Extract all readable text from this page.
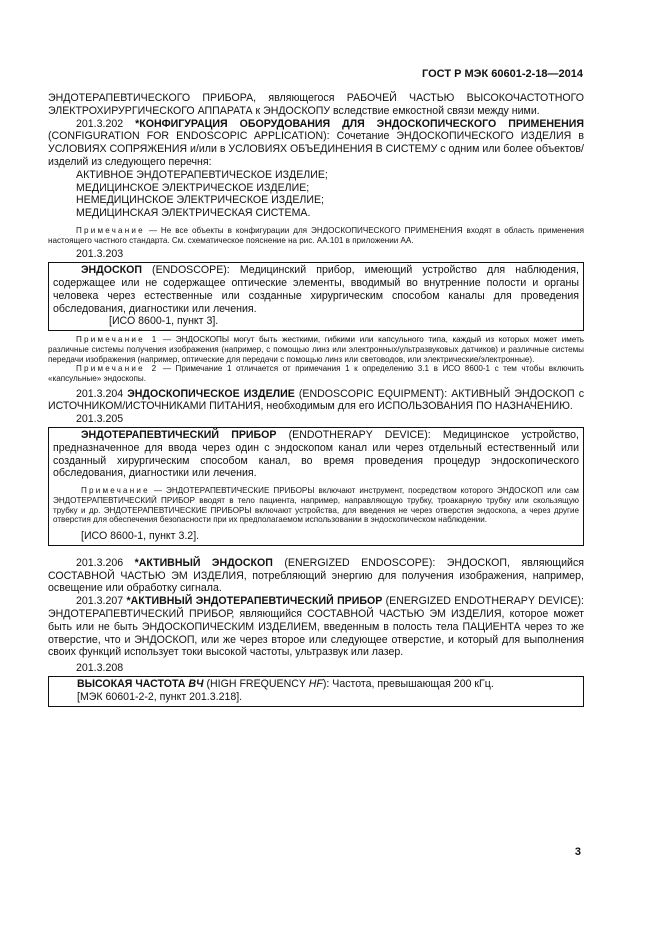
ГОСТ Р МЭК 60601-2-18—2014

ЭНДОТЕРАПЕВТИЧЕСКОГО ПРИБОРА, являющегося РАБОЧЕЙ ЧАСТЬЮ ВЫСОКОЧАСТОТНОГО ЭЛЕКТРОХИРУРГИЧЕСКОГО АППАРАТА к ЭНДОСКОПУ вследствие емкостной связи между ними.

201.3.202 *КОНФИГУРАЦИЯ ОБОРУДОВАНИЯ ДЛЯ ЭНДОСКОПИЧЕСКОГО ПРИМЕНЕНИЯ (CONFIGURATION FOR ENDOSCOPIC APPLICATION): Сочетание ЭНДОСКОПИЧЕСКОГО ИЗДЕЛИЯ в УСЛОВИЯХ СОПРЯЖЕНИЯ и/или в УСЛОВИЯХ ОБЪЕДИНЕНИЯ В СИСТЕМУ с одним или более объектов/изделий из следующего перечня:

АКТИВНОЕ ЭНДОТЕРАПЕВТИЧЕСКОЕ ИЗДЕЛИЕ;
МЕДИЦИНСКОЕ ЭЛЕКТРИЧЕСКОЕ ИЗДЕЛИЕ;
НЕМЕДИЦИНСКОЕ ЭЛЕКТРИЧЕСКОЕ ИЗДЕЛИЕ;
МЕДИЦИНСКАЯ ЭЛЕКТРИЧЕСКАЯ СИСТЕМА.

Примечание — Не все объекты в конфигурации для ЭНДОСКОПИЧЕСКОГО ПРИМЕНЕНИЯ входят в область применения настоящего частного стандарта. См. схематическое пояснение на рис. АА.101 в приложении АА.

201.3.203

ЭНДОСКОП (ENDOSCOPE): Медицинский прибор, имеющий устройство для наблюдения, содержащее или не содержащее оптические элементы, вводимый во внутренние полости и органы человека через естественные или созданные хирургическим способом каналы для проведения обследования, диагностики или лечения.

[ИСО 8600-1, пункт 3].

Примечание 1 — ЭНДОСКОПЫ могут быть жесткими, гибкими или капсульного типа, каждый из которых может иметь различные системы получения изображения (например, с помощью линз или электронных/ультразвуковых датчиков) и различные системы передачи изображения (например, оптические для передачи с помощью линз или световодов, или электрические/электронные).

Примечание 2 — Примечание 1 отличается от примечания 1 к определению 3.1 в ИСО 8600-1 с тем чтобы включить «капсульные» эндоскопы.

201.3.204 ЭНДОСКОПИЧЕСКОЕ ИЗДЕЛИЕ (ENDOSCOPIC EQUIPMENT): АКТИВНЫЙ ЭНДОСКОП с ИСТОЧНИКОМ/ИСТОЧНИКАМИ ПИТАНИЯ, необходимым для его ИСПОЛЬЗОВАНИЯ ПО НАЗНАЧЕНИЮ.

201.3.205

ЭНДОТЕРАПЕВТИЧЕСКИЙ ПРИБОР (ENDOTHERAPY DEVICE): Медицинское устройство, предназначенное для ввода через один с эндоскопом канал или через отдельный естественный или созданный хирургическим способом канал, во время проведения процедур эндоскопического обследования, диагностики или лечения.

Примечание — ЭНДОТЕРАПЕВТИЧЕСКИЕ ПРИБОРЫ включают инструмент, посредством которого ЭНДОСКОП или сам ЭНДОТЕРАПЕВТИЧЕСКИЙ ПРИБОР вводят в тело пациента, например, направляющую трубку, троакарную трубку или скользящую трубку и др. ЭНДОТЕРАПЕВТИЧЕСКИЕ ПРИБОРЫ включают устройства, для введения не через отверстия эндоскопа, а через другие отверстия для обеспечения безопасности при их предполагаемом использовании в эндоскопическом наблюдении.

[ИСО 8600-1, пункт 3.2].

201.3.206 *АКТИВНЫЙ ЭНДОСКОП (ENERGIZED ENDOSCOPE): ЭНДОСКОП, являющийся СОСТАВНОЙ ЧАСТЬЮ ЭМ ИЗДЕЛИЯ, потребляющий энергию для получения изображения, например, освещение или обработку сигнала.

201.3.207 *АКТИВНЫЙ ЭНДОТЕРАПЕВТИЧЕСКИЙ ПРИБОР (ENERGIZED ENDOTHERAPY DEVICE): ЭНДОТЕРАПЕВТИЧЕСКИЙ ПРИБОР, являющийся СОСТАВНОЙ ЧАСТЬЮ ЭМ ИЗДЕЛИЯ, которое может быть или не быть ЭНДОСКОПИЧЕСКИМ ИЗДЕЛИЕМ, введенным в полость тела ПАЦИЕНТА через то же отверстие, что и ЭНДОСКОП, или же через второе или следующее отверстие, и который для выполнения своих функций использует токи высокой частоты, ультразвук или лазер.

201.3.208
ВЫСОКАЯ ЧАСТОТА ВЧ (HIGH FREQUENCY HF): Частота, превышающая 200 кГц.
[МЭК 60601-2-2, пункт 201.3.218].
3
